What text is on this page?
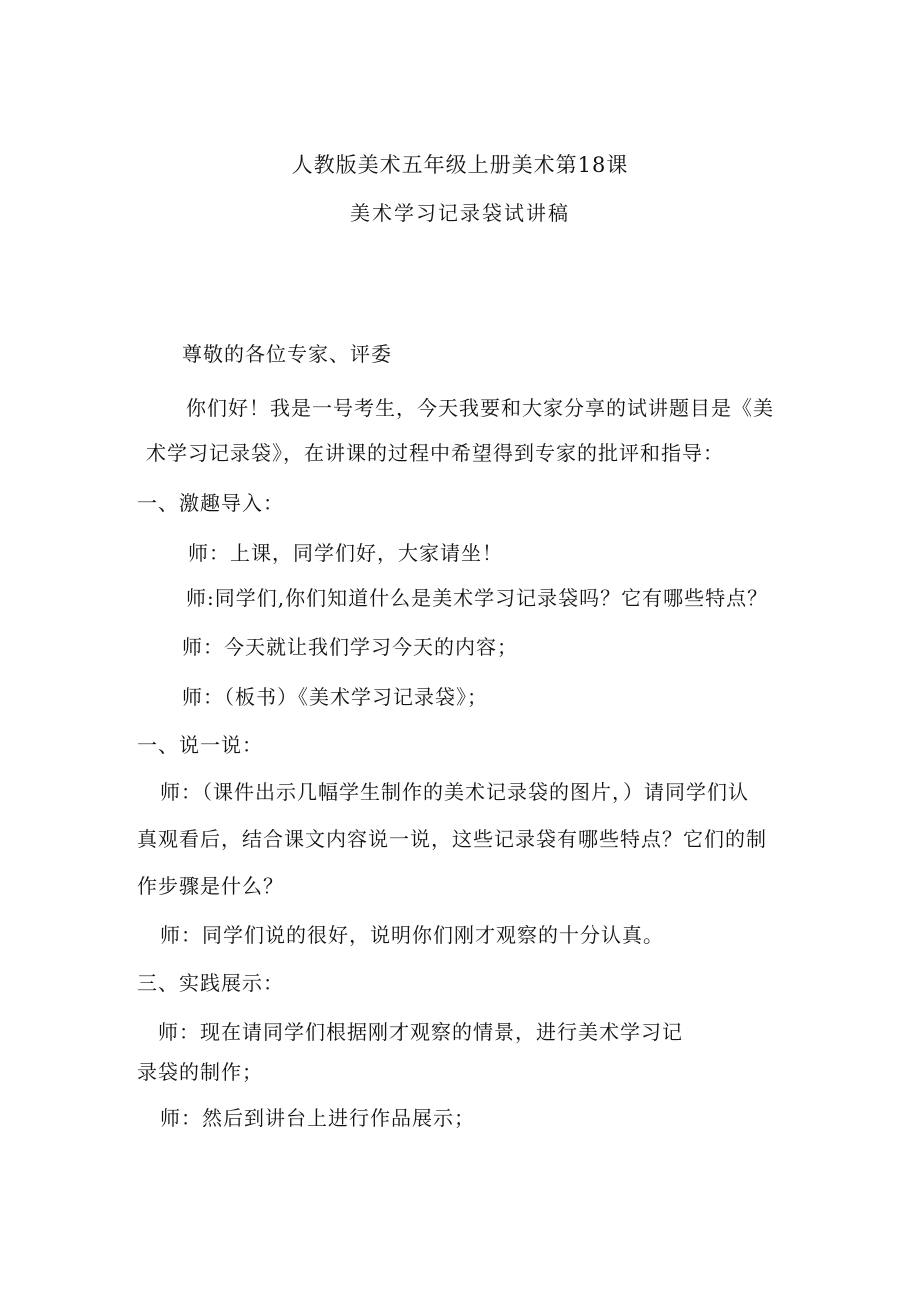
人教版美术五年级上册美术第18课
美术学习记录袋试讲稿
尊敬的各位专家、评委
你们好！我是一号考生，今天我要和大家分享的试讲题目是《美
术学习记录袋》，在讲课的过程中希望得到专家的批评和指导：
一、激趣导入：
师：上课，同学们好，大家请坐！
师:同学们,你们知道什么是美术学习记录袋吗？它有哪些特点？
师：今天就让我们学习今天的内容；
师：（板书）《美术学习记录袋》；
一、说一说：
师：（课件出示几幅学生制作的美术记录袋的图片，）请同学们认
真观看后，结合课文内容说一说，这些记录袋有哪些特点？它们的制
作步骤是什么？
师：同学们说的很好，说明你们刚才观察的十分认真。
三、实践展示：
师：现在请同学们根据刚才观察的情景，进行美术学习记
录袋的制作；
师：然后到讲台上进行作品展示；
